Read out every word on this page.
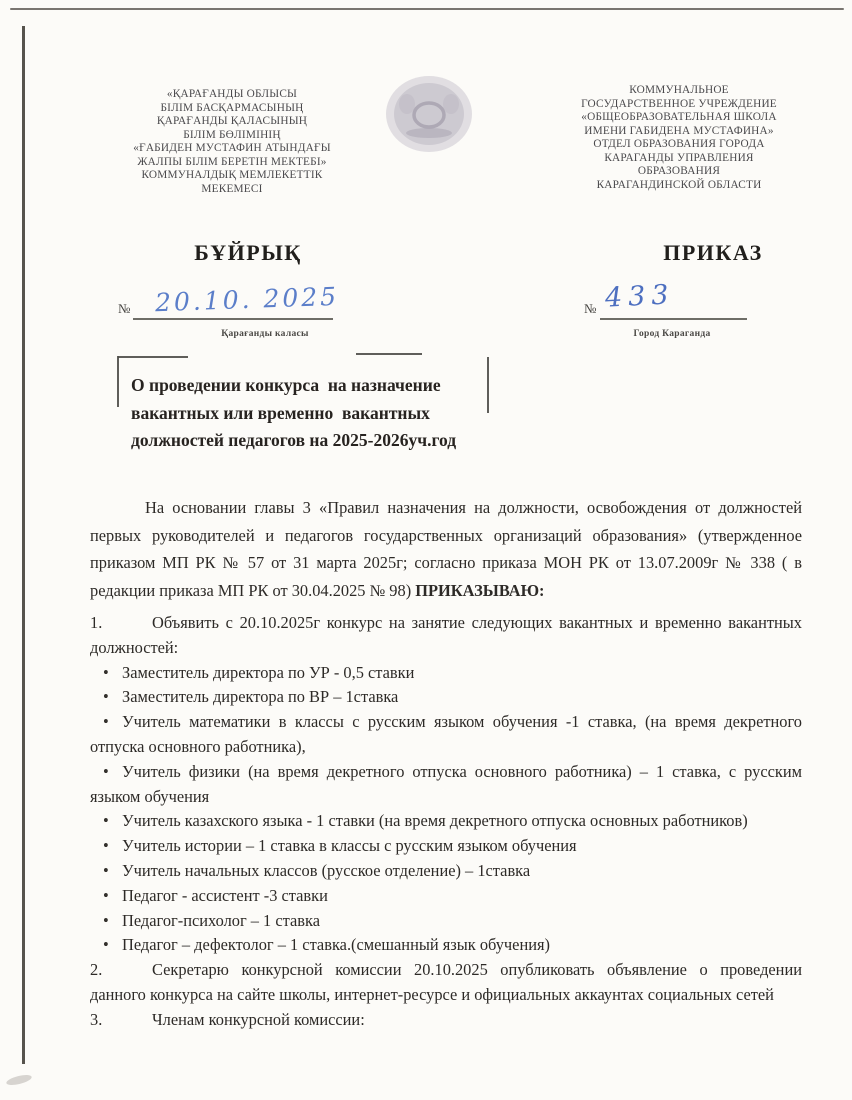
«ҚАРАҒАНДЫ ОБЛЫСЫ
БІЛІМ БАСҚАРМАСЫНЫҢ
ҚАРАҒАНДЫ ҚАЛАСЫНЫҢ
БІЛІМ БӨЛІМІНІҢ
«ҒАБИДЕН МУСТАФИН АТЫНДАҒЫ
ЖАЛПЫ БІЛІМ БЕРЕТІН МЕКТЕБІ»
КОММУНАЛДЫҚ МЕМЛЕКЕТТІК
МЕКЕМЕСІ
КОММУНАЛЬНОЕ
ГОСУДАРСТВЕННОЕ УЧРЕЖДЕНИЕ
«ОБЩЕОБРАЗОВАТЕЛЬНАЯ ШКОЛА
ИМЕНИ ГАБИДЕНА МУСТАФИНА»
ОТДЕЛ ОБРАЗОВАНИЯ ГОРОДА
КАРАГАНДЫ УПРАВЛЕНИЯ
ОБРАЗОВАНИЯ
КАРАГАНДИНСКОЙ ОБЛАСТИ
БҰЙРЫҚ	ПРИКАЗ
№ 20.10. 2025
Қарағанды каласы
№ 433
Город Караганда
О проведении конкурса  на назначение
вакантных или временно  вакантных
должностей педагогов на 2025-2026уч.год

На основании главы 3 «Правил назначения на должности, освобождения от должностей первых руководителей и педагогов государственных организаций образования» (утвержденное приказом МП РК № 57 от 31 марта 2025г; согласно приказа МОН РК от 13.07.2009г № 338 ( в редакции приказа МП РК от 30.04.2025 № 98) ПРИКАЗЫВАЮ:

1.	Объявить с 20.10.2025г конкурс на занятие следующих вакантных и временно вакантных должностей:
• Заместитель директора по УР - 0,5 ставки
• Заместитель директора по ВР – 1ставка
• Учитель математики в классы с русским языком обучения -1 ставка, (на время декретного отпуска основного работника),
• Учитель физики (на время декретного отпуска основного работника) – 1 ставка, с русским языком обучения
• Учитель казахского языка - 1 ставки (на время декретного отпуска основных работников)
• Учитель истории – 1 ставка в классы с русским языком обучения
• Учитель начальных классов (русское отделение) – 1ставка
• Педагог - ассистент -3 ставки
• Педагог-психолог – 1 ставка
• Педагог – дефектолог – 1 ставка.(смешанный язык обучения)
2.	Секретарю конкурсной комиссии 20.10.2025 опубликовать объявление о проведении данного конкурса на сайте школы, интернет-ресурсе и официальных аккаунтах социальных сетей
3.	Членам конкурсной комиссии:
